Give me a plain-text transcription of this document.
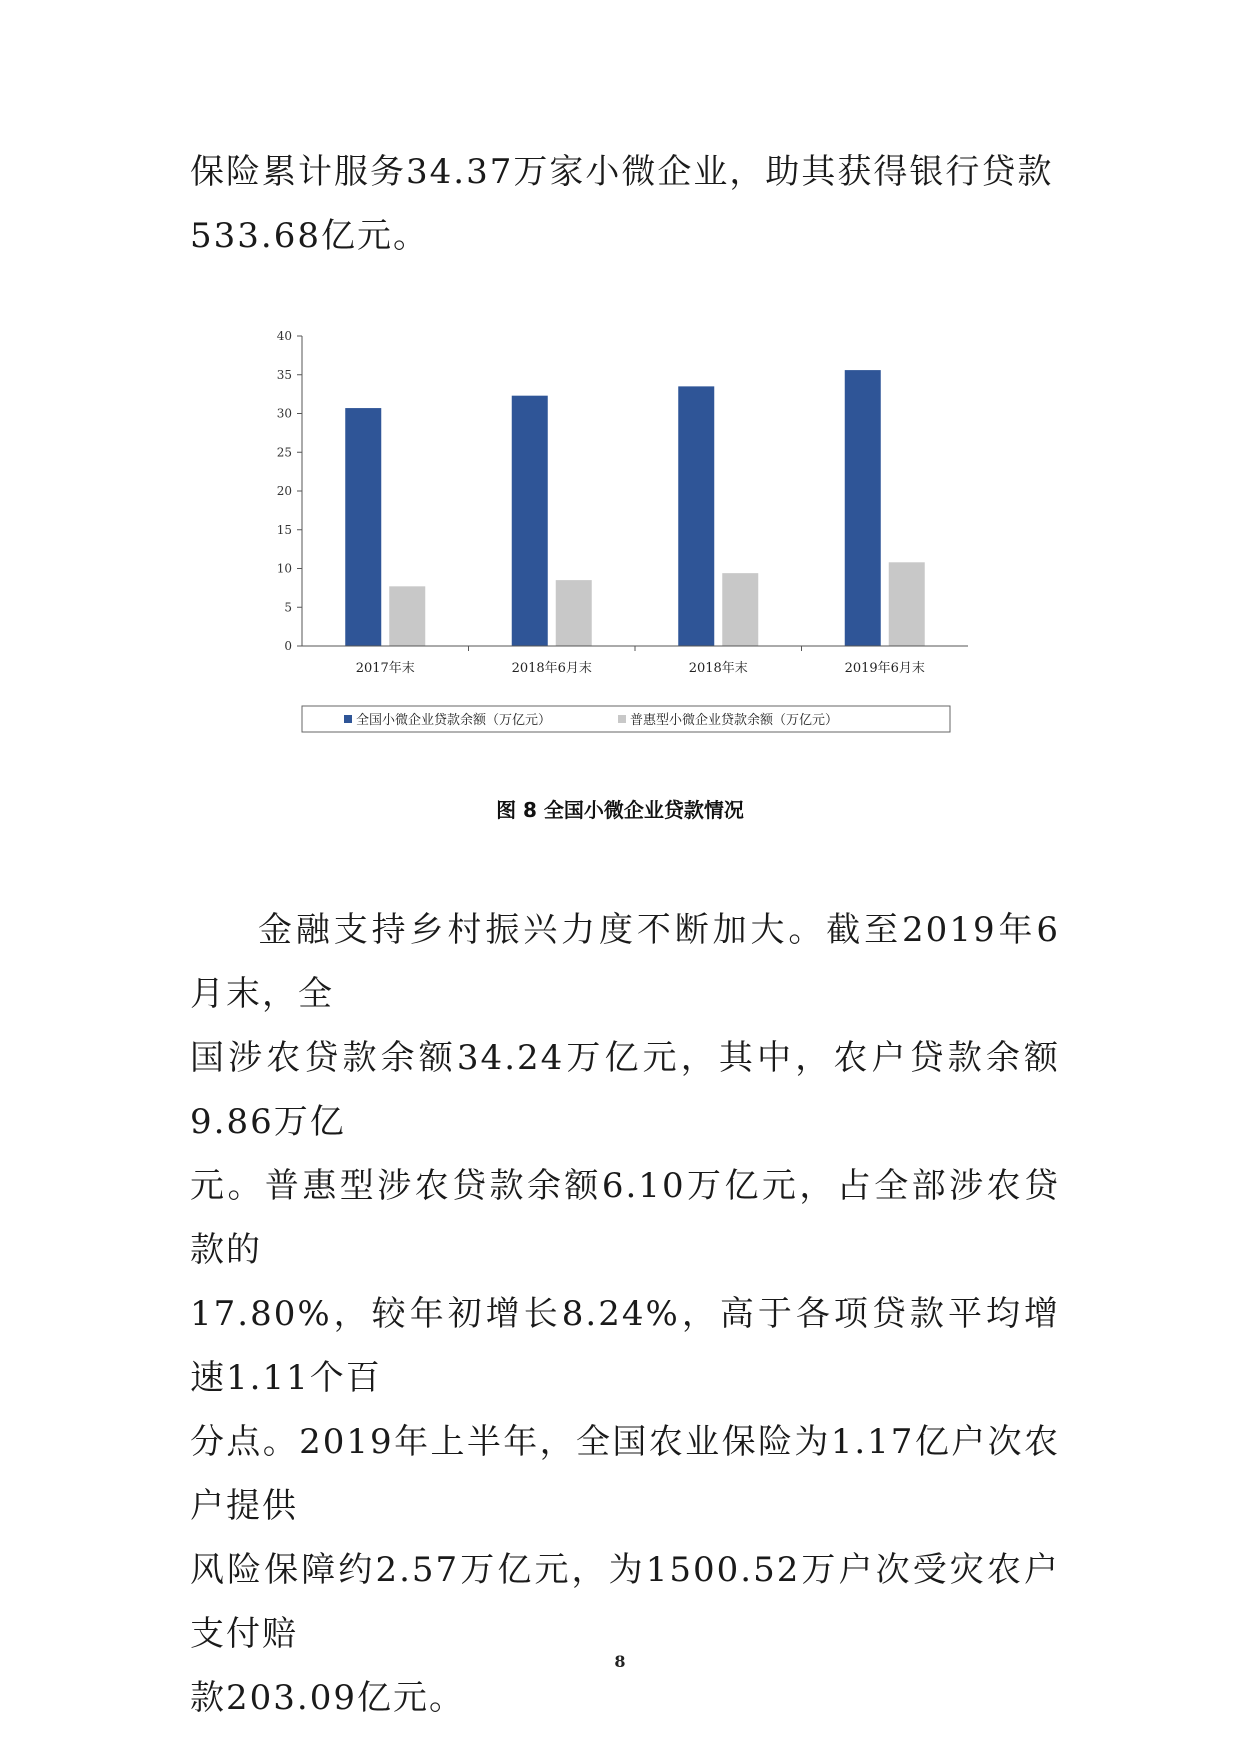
保险累计服务34.37万家小微企业，助其获得银行贷款
533.68亿元。
0
5
10
15
20
25
30
35
40
2017年末	2018年6月末	2018年末	2019年6月末
全国小微企业贷款余额（万亿元）	普惠型小微企业贷款余额（万亿元）
图 8 全国小微企业贷款情况
金融支持乡村振兴力度不断加大。截至2019年6月末，全
国涉农贷款余额34.24万亿元，其中，农户贷款余额9.86万亿
元。普惠型涉农贷款余额6.10万亿元，占全部涉农贷款的
17.80%，较年初增长8.24%，高于各项贷款平均增速1.11个百
分点。2019年上半年，全国农业保险为1.17亿户次农户提供
风险保障约2.57万亿元，为1500.52万户次受灾农户支付赔
款203.09亿元。
8
